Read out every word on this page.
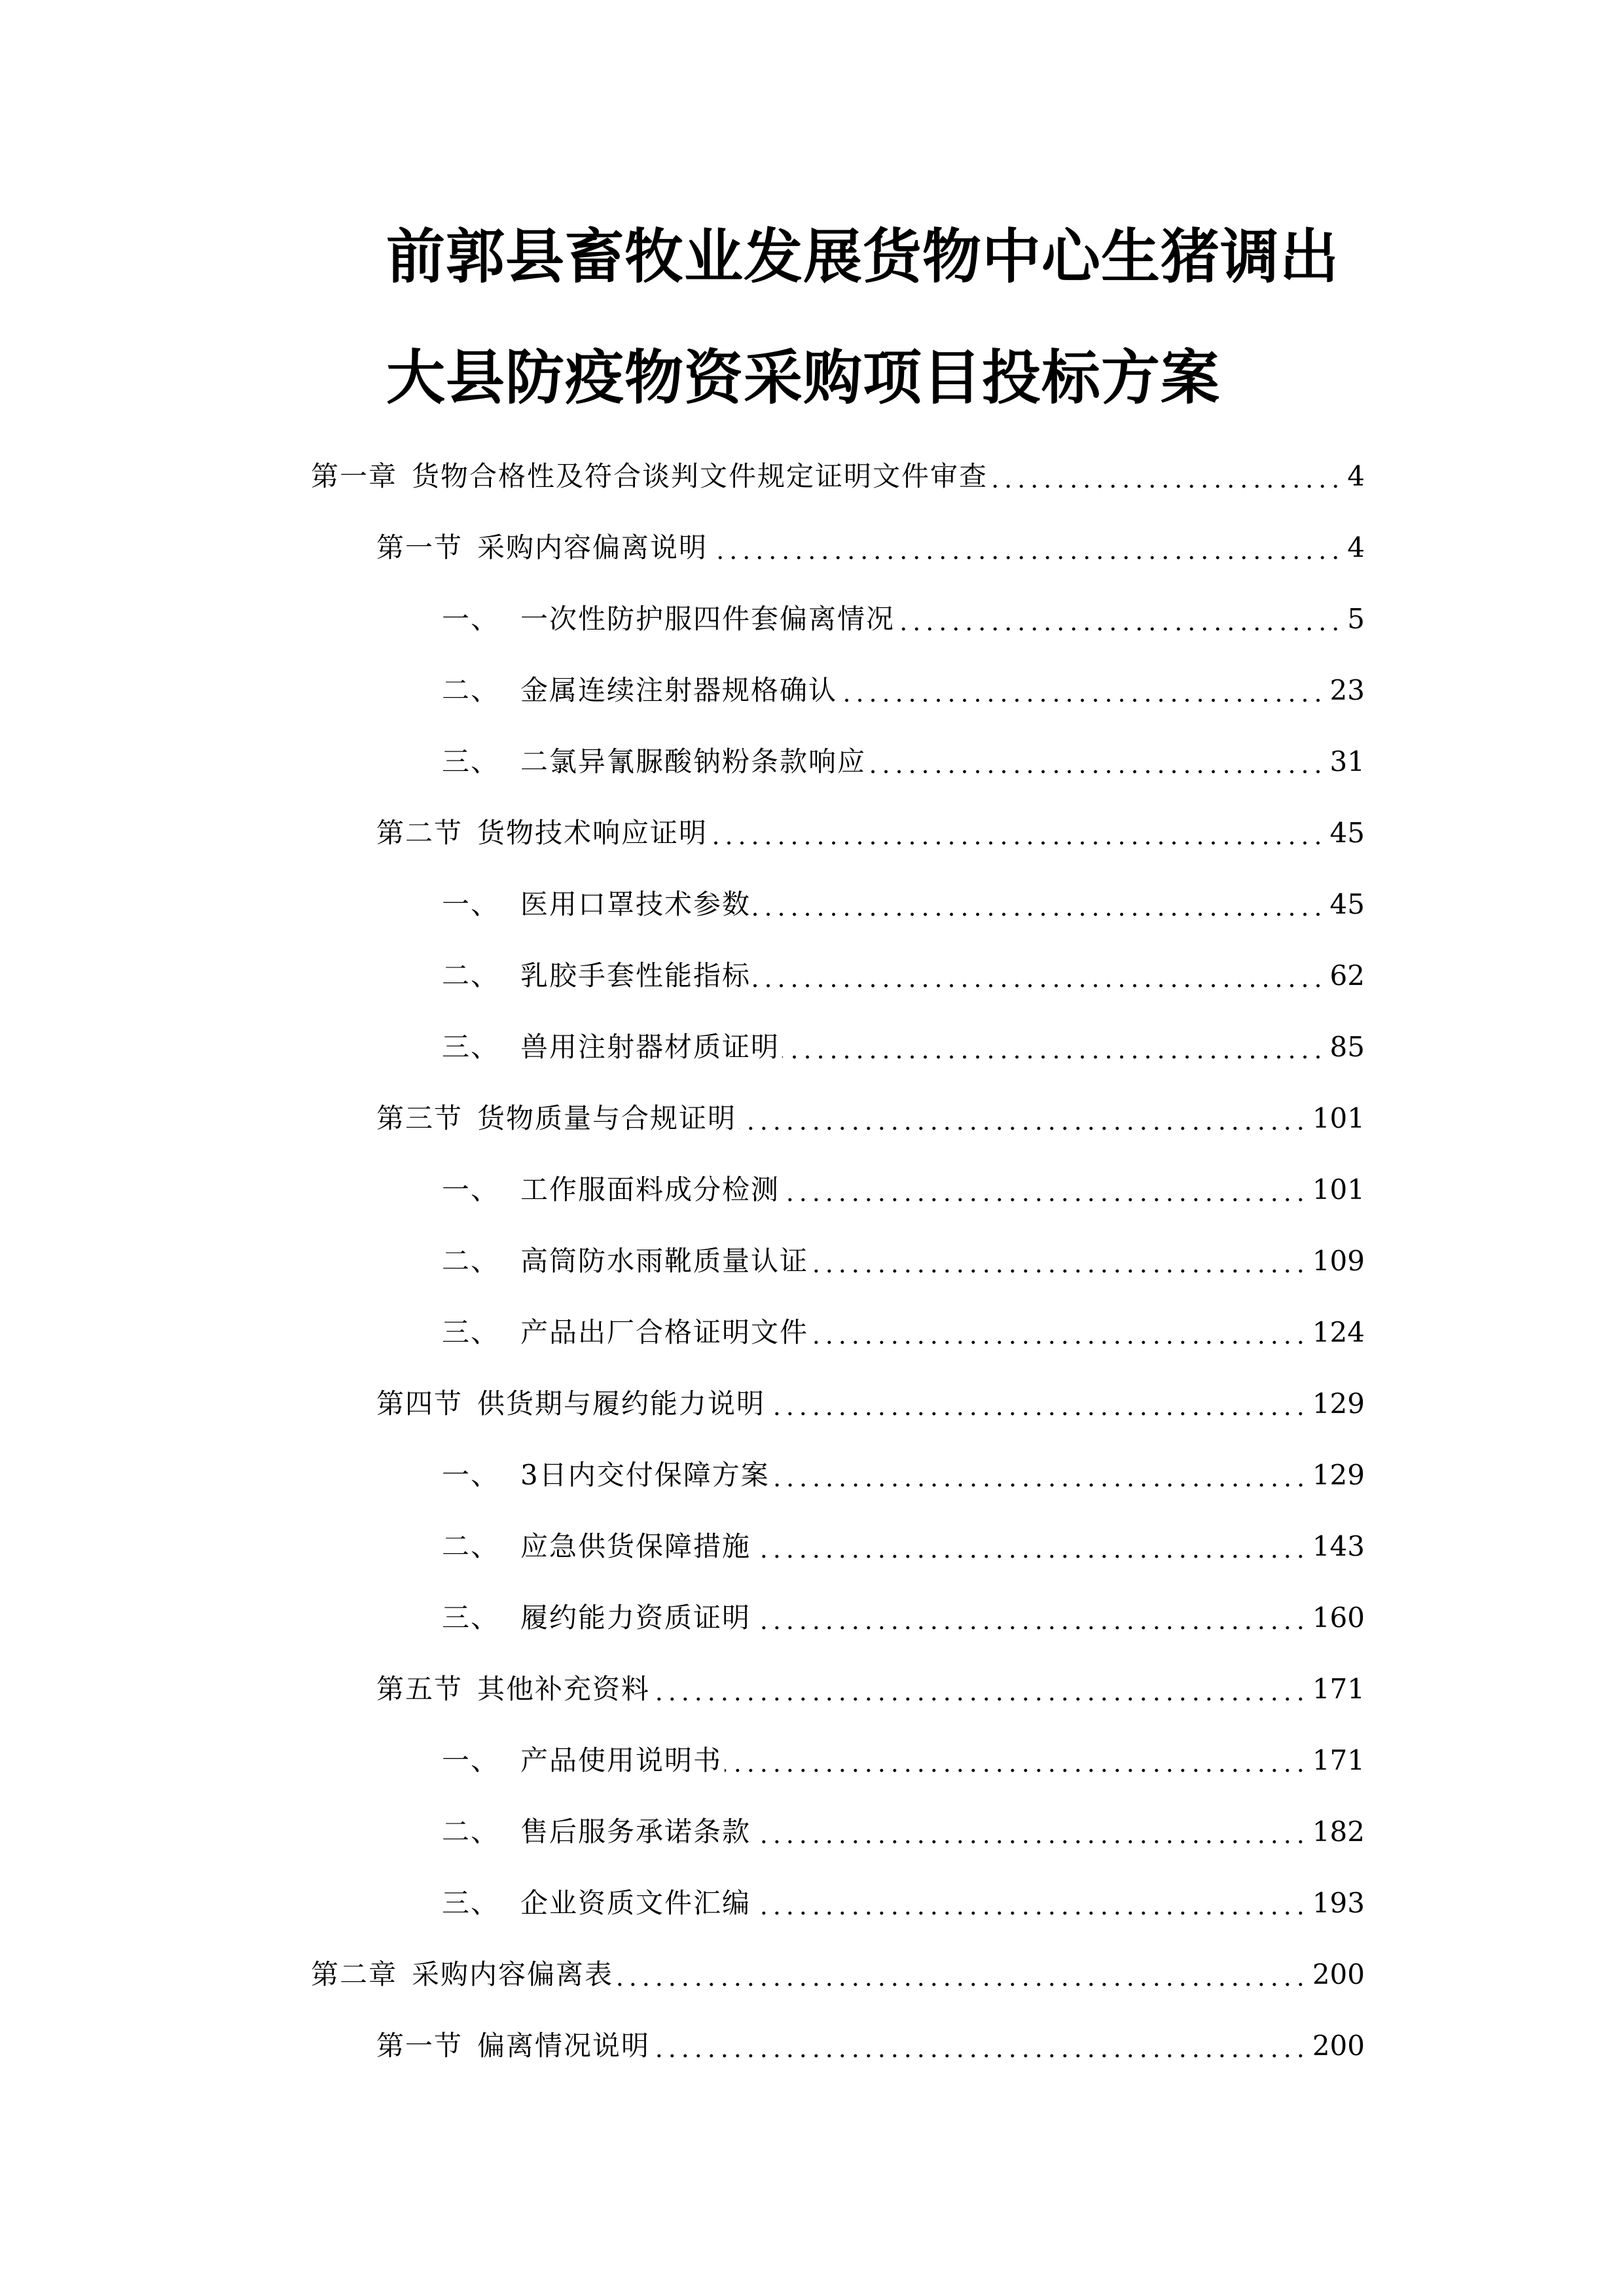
前郭县畜牧业发展货物中心生猪调出
大县防疫物资采购项目投标方案
第一章 货物合格性及符合谈判文件规定证明文件审查	4
第一节 采购内容偏离说明	4
一、 一次性防护服四件套偏离情况	5
二、 金属连续注射器规格确认	23
三、 二氯异氰脲酸钠粉条款响应	31
第二节 货物技术响应证明	45
一、 医用口罩技术参数	45
二、 乳胶手套性能指标	62
三、 兽用注射器材质证明	85
第三节 货物质量与合规证明	101
一、 工作服面料成分检测	101
二、 高筒防水雨靴质量认证	109
三、 产品出厂合格证明文件	124
第四节 供货期与履约能力说明	129
一、 3日内交付保障方案	129
二、 应急供货保障措施	143
三、 履约能力资质证明	160
第五节 其他补充资料	171
一、 产品使用说明书	171
二、 售后服务承诺条款	182
三、 企业资质文件汇编	193
第二章 采购内容偏离表	200
第一节 偏离情况说明	200
